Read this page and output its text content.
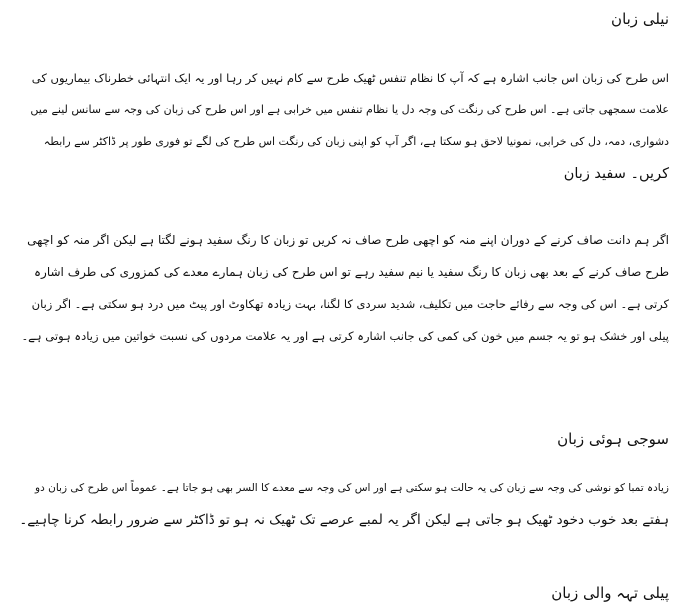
نیلی زبان
اس طرح کی زبان اس جانب اشارہ ہے کہ آپ کا نظام تنفس ٹھیک طرح سے کام نہیں کر رہا اور یہ ایک انتہائی خطرناک بیماریوں کی
علامت سمجھی جاتی ہے۔ اس طرح کی رنگت کی وجہ دل یا نظام تنفس میں خرابی ہے اور اس طرح کی زبان کی وجہ سے سانس لینے میں
دشواری، دمہ، دل کی خرابی، نمونیا لاحق ہو سکتا ہے، اگر آپ کو اپنی زبان کی رنگت اس طرح کی لگے تو فوری طور پر ڈاکٹر سے رابطہ
کریں۔ سفید زبان
اگر ہم دانت صاف کرنے کے دوران اپنے منہ کو اچھی طرح صاف نہ کریں تو زبان کا رنگ سفید ہونے لگتا ہے لیکن اگر منہ کو اچھی
طرح صاف کرنے کے بعد بھی زبان کا رنگ سفید یا نیم سفید رہے تو اس طرح کی زبان ہمارے معدے کی کمزوری کی طرف اشارہ
کرتی ہے۔ اس کی وجہ سے رفائے حاجت میں تکلیف، شدید سردی کا لگنا، بہت زیادہ تھکاوٹ اور پیٹ میں درد ہو سکتی ہے۔ اگر زبان
پیلی اور خشک ہو تو یہ جسم میں خون کی کمی کی جانب اشارہ کرتی ہے اور یہ علامت مردوں کی نسبت خواتین میں زیادہ ہوتی ہے۔
سوجی ہوئی زبان
زیادہ تمبا کو نوشی کی وجہ سے زبان کی یہ حالت ہو سکتی ہے اور اس کی وجہ سے معدے کا السر بھی ہو جاتا ہے۔ عموماً اس طرح کی زبان دو
ہفتے بعد خوب دخود ٹھیک ہو جاتی ہے لیکن اگر یہ لمبے عرصے تک ٹھیک نہ ہو تو ڈاکٹر سے ضرور رابطہ کرنا چاہیے۔
پیلی تہہ والی زبان
